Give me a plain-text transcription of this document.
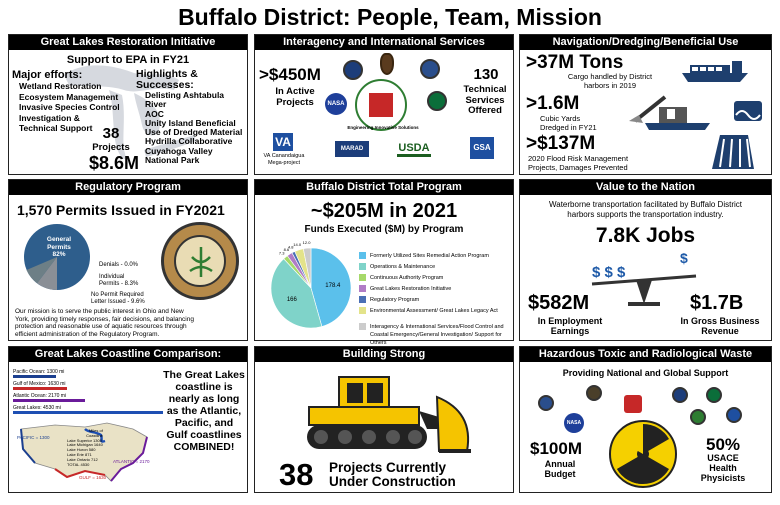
Buffalo District: People, Team, Mission
Great Lakes Restoration Initiative
Support to EPA in FY21
Major efforts:
Wetland Restoration
Ecosystem Management
Invasive Species Control
Investigation &
Technical Support
Highlights &
Successes:
Delisting Ashtabula River
AOC
Unity Island Beneficial
Use of Dredged Material
Hydrilla Collaborative
Cuyahoga Valley
National Park
38
Projects
$8.6M
Interagency and International Services
>$450M
In Active
Projects
130
Technical
Services
Offered
NASA
Engineering Innovative Solutions
VA
VA Canandaigua
Mega-project
MARAD	USDA	GSA
Navigation/Dredging/Beneficial Use
>37M Tons
Cargo handled by District
harbors in 2019
>1.6M
Cubic Yards
Dredged in FY21
>$137M
2020 Flood Risk Management
Projects, Damages Prevented
Regulatory Program
1,570 Permits Issued in FY2021
General
Permits
82%
Denials - 0.0%
Individual
Permits - 8.3%
No Permit Required
Letter Issued - 9.6%
Our mission is to serve the public interest in Ohio and New
York, providing timely responses, fair decisions, and balancing
protection and reasonable use of aquatic resources through
efficient administration of the Regulatory Program.
Buffalo District Total Program
~$205M in 2021
Funds Executed ($M) by Program
178.4
166
7.3
8.6
4.8
14.0 12.0
Formerly Utilized Sites Remedial Action Program
Operations & Maintenance
Continuous Authority Program
Great Lakes Restoration Initiative
Regulatory Program
Environmental Assessment/ Great Lakes Legacy Act
Interagency & International Services/Flood Control and Coastal Emergency/General Investigation/ Support for Others
Value to the Nation
Waterborne transportation facilitated by Buffalo District
harbors supports the transportation industry.
7.8K Jobs
$ $ $
$
$582M
In Employment
Earnings
$1.7B
In Gross Business
Revenue
Great Lakes Coastline Comparison:
Pacific Ocean: 1300 mi
Gulf of Mexico: 1630 mi
Atlantic Ocean: 2170 mi
Great Lakes: 4530 mi
PACIFIC = 1300
ATLANTIC = 2170
GULF = 1630
Miles of
Coastline
Lake Superior 1300
Lake Michigan 1640
Lake Huron 580
Lake Erie 871
Lake Ontario 712
TOTAL 4530
The Great Lakes
coastline is
nearly as long
as the Atlantic,
Pacific, and
Gulf coastlines
COMBINED!
Building Strong
38 Projects Currently
Under Construction
Hazardous Toxic and Radiological Waste
Providing National and Global Support
NASA
$100M
Annual
Budget
50%
USACE
Health
Physicists
